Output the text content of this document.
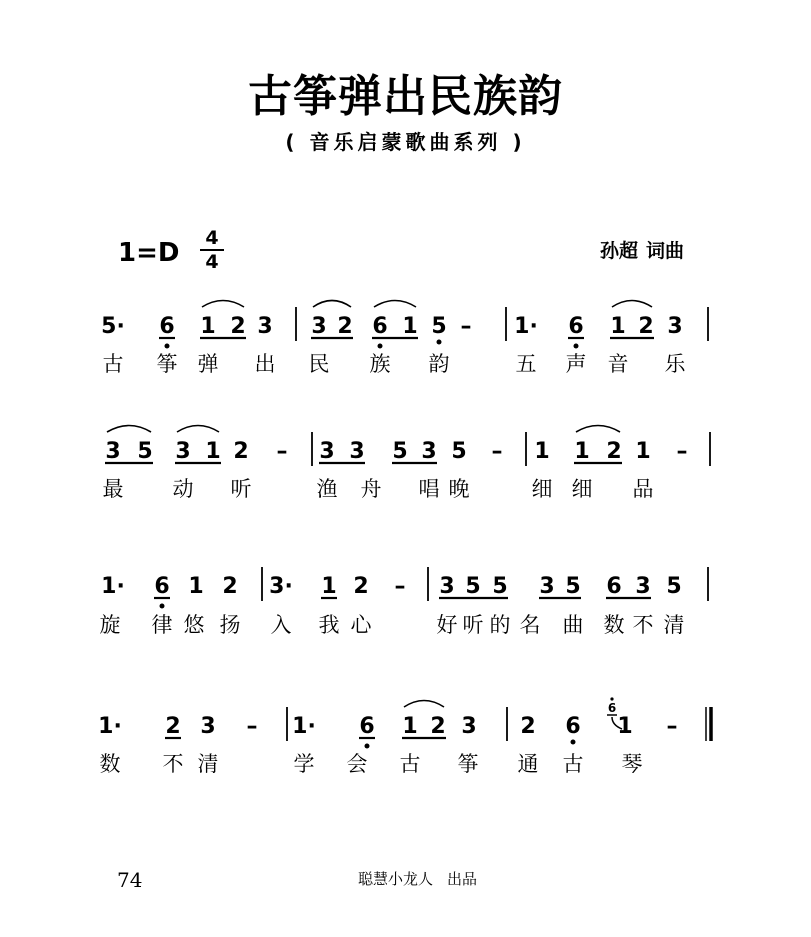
古筝弹出民族韵
( 音乐启蒙歌曲系列 )
1=D 4
4	孙超 词曲
5· 6 1 2 3 3 2 6 1 5 – 1· 6 1 2 3
古 筝 弹 出 民 族 韵	五 声 音 乐
3 5 3 1 2 – 3 3 5 3 5 – 1 1 2 1 –
最 动 听	渔 舟 唱 晚	细 细 品
1· 6 1 2 3· 1 2 – 3 5 5 3 5 6 3 5
旋 律 悠 扬 入 我 心	好 听 的 名 曲 数 不 清
1· 2 3 – 1· 6 1 2 3 2 6
6
1 –
数 不 清	学 会 古 筝 通 古 琴
74	聪慧小龙人 出品
